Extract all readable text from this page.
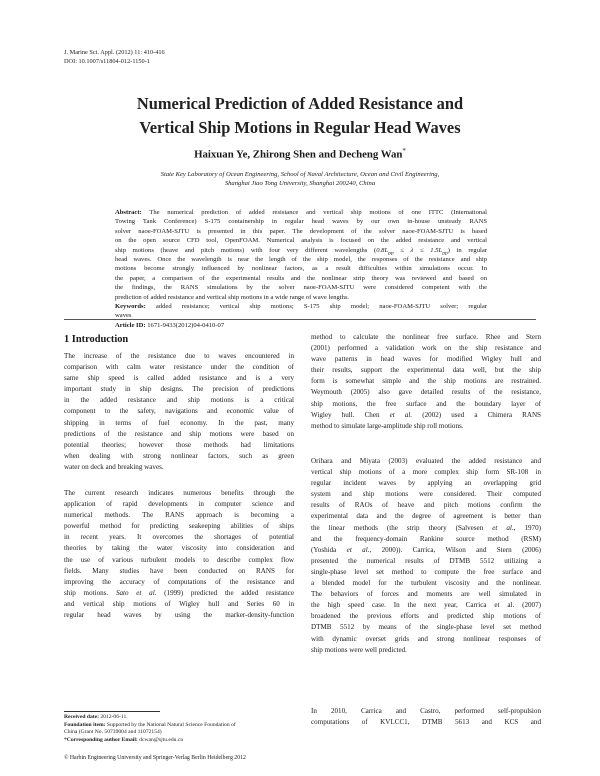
J. Marine Sci. Appl. (2012) 11: 410-416
DOI: 10.1007/s11804-012-1150-1
Numerical Prediction of Added Resistance and
Vertical Ship Motions in Regular Head Waves
Haixuan Ye, Zhirong Shen and Decheng Wan*
State Key Laboratory of Ocean Engineering, School of Naval Architecture, Ocean and Civil Engineering,
Shanghai Jiao Tong University, Shanghai 200240, China
Abstract: The numerical prediction of added resistance and vertical ship motions of one ITTC (International
Towing Tank Conference) S-175 containership in regular head waves by our own in-house unsteady RANS
solver naoe-FOAM-SJTU is presented in this paper. The development of the solver naoe-FOAM-SJTU is based
on the open source CFD tool, OpenFOAM. Numerical analysis is focused on the added resistance and vertical
ship motions (heave and pitch motions) with four very different wavelengths $(0.8L_{pp} \le \lambda \le 1.5L_{pp})$ in regular
head waves. Once the wavelength is near the length of the ship model, the responses of the resistance and ship
motions become strongly influenced by nonlinear factors, as a result difficulties within simulations occur. In
the paper, a comparison of the experimental results and the nonlinear strip theory was reviewed and based on
the findings, the RANS simulations by the solver naoe-FOAM-SJTU were considered competent with the
prediction of added resistance and vertical ship motions in a wide range of wave lengths.
Keywords: added resistance; vertical ship motions; S-175 ship model; naoe-FOAM-SJTU solver; regular
waves
Article ID: 1671-9433(2012)04-0410-07
1 Introduction
The increase of the resistance due to waves encountered in
comparison with calm water resistance under the condition of
same ship speed is called added resistance and is a very
important study in ship designs. The precision of predictions
in the added resistance and ship motions is a critical
component to the safety, navigations and economic value of
shipping in terms of fuel economy. In the past, many
predictions of the resistance and ship motions were based on
potential theories; however those methods had limitations
when dealing with strong nonlinear factors, such as green
water on deck and breaking waves.
The current research indicates numerous benefits through the
application of rapid developments in computer science and
numerical methods. The RANS approach is becoming a
powerful method for predicting seakeeping abilities of ships
in recent years. It overcomes the shortages of potential
theories by taking the water viscosity into consideration and
the use of various turbulent models to describe complex flow
fields. Many studies have been conducted on RANS for
improving the accuracy of computations of the resistance and
ship motions. Sato et al. (1999) predicted the added resistance
and vertical ship motions of Wigley hull and Series 60 in
regular head waves by using the marker-density-function
method to calculate the nonlinear free surface. Rhee and Stern
(2001) performed a validation work on the ship resistance and
wave patterns in head waves for modified Wigley hull and
their results, support the experimental data well, but the ship
form is somewhat simple and the ship motions are restrained.
Weymouth (2005) also gave detailed results of the resistance,
ship motions, the free surface and the boundary layer of
Wigley hull. Chen et al. (2002) used a Chimera RANS
method to simulate large-amplitude ship roll motions.
Orihara and Miyata (2003) evaluated the added resistance and
vertical ship motions of a more complex ship form SR-108 in
regular incident waves by applying an overlapping grid
system and ship motions were considered. Their computed
results of RAOs of heave and pitch motions confirm the
experimental data and the degree of agreement is better than
the linear methods (the strip theory (Salvesen et al., 1970)
and the frequency-domain Rankine source method (RSM)
(Yoshida et al., 2000)). Carrica, Wilson and Stern (2006)
presented the numerical results of DTMB 5512 utilizing a
single-phase level set method to compute the free surface and
a blended model for the turbulent viscosity and the nonlinear.
The behaviors of forces and moments are well simulated in
the high speed case. In the next year, Carrica et al. (2007)
broadened the previous efforts and predicted ship motions of
DTMB 5512 by means of the single-phase level set method
with dynamic overset grids and strong nonlinear responses of
ship motions were well predicted.
In 2010, Carrica and Castro, performed self-propulsion
computations of KVLCC1, DTMB 5613 and KCS and
Received date: 2012-06-11.
Foundation item: Supported by the National Natural Science Foundation of
China (Grant No. 50739004 and 11072154)
*Corresponding author Email: dcwan@sjtu.edu.cn
© Harbin Engineering University and Springer-Verlag Berlin Heidelberg 2012
